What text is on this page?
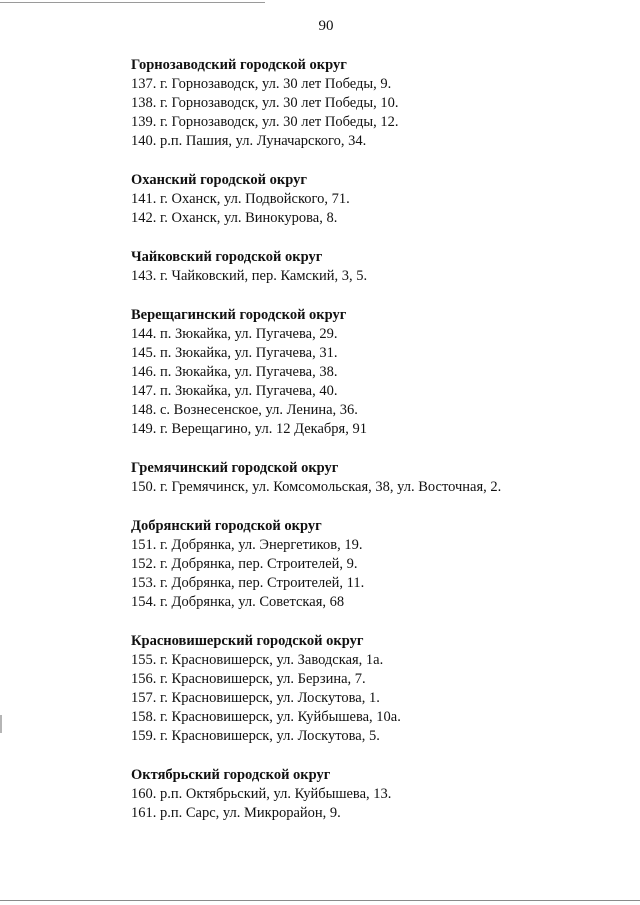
90
Горнозаводский городской округ
137. г. Горнозаводск, ул. 30 лет Победы, 9.
138. г. Горнозаводск, ул. 30 лет Победы, 10.
139. г. Горнозаводск, ул. 30 лет Победы, 12.
140. р.п. Пашия, ул. Луначарского, 34.
Оханский городской округ
141. г. Оханск, ул. Подвойского, 71.
142. г. Оханск, ул. Винокурова, 8.
Чайковский городской округ
143. г. Чайковский, пер. Камский, 3, 5.
Верещагинский городской округ
144. п. Зюкайка, ул. Пугачева, 29.
145. п. Зюкайка, ул. Пугачева, 31.
146. п. Зюкайка, ул. Пугачева, 38.
147. п. Зюкайка, ул. Пугачева, 40.
148. с. Вознесенское, ул. Ленина, 36.
149. г. Верещагино, ул. 12 Декабря, 91
Гремячинский городской округ
150. г. Гремячинск, ул. Комсомольская, 38, ул. Восточная, 2.
Добрянский городской округ
151. г. Добрянка, ул. Энергетиков, 19.
152. г. Добрянка, пер. Строителей, 9.
153. г. Добрянка, пер. Строителей, 11.
154. г. Добрянка, ул. Советская, 68
Красновишерский городской округ
155. г. Красновишерск, ул. Заводская, 1а.
156. г. Красновишерск, ул. Берзина, 7.
157. г. Красновишерск, ул. Лоскутова, 1.
158. г. Красновишерск, ул. Куйбышева, 10а.
159. г. Красновишерск, ул. Лоскутова, 5.
Октябрьский городской округ
160. р.п. Октябрьский, ул. Куйбышева, 13.
161. р.п. Сарс, ул. Микрорайон, 9.
